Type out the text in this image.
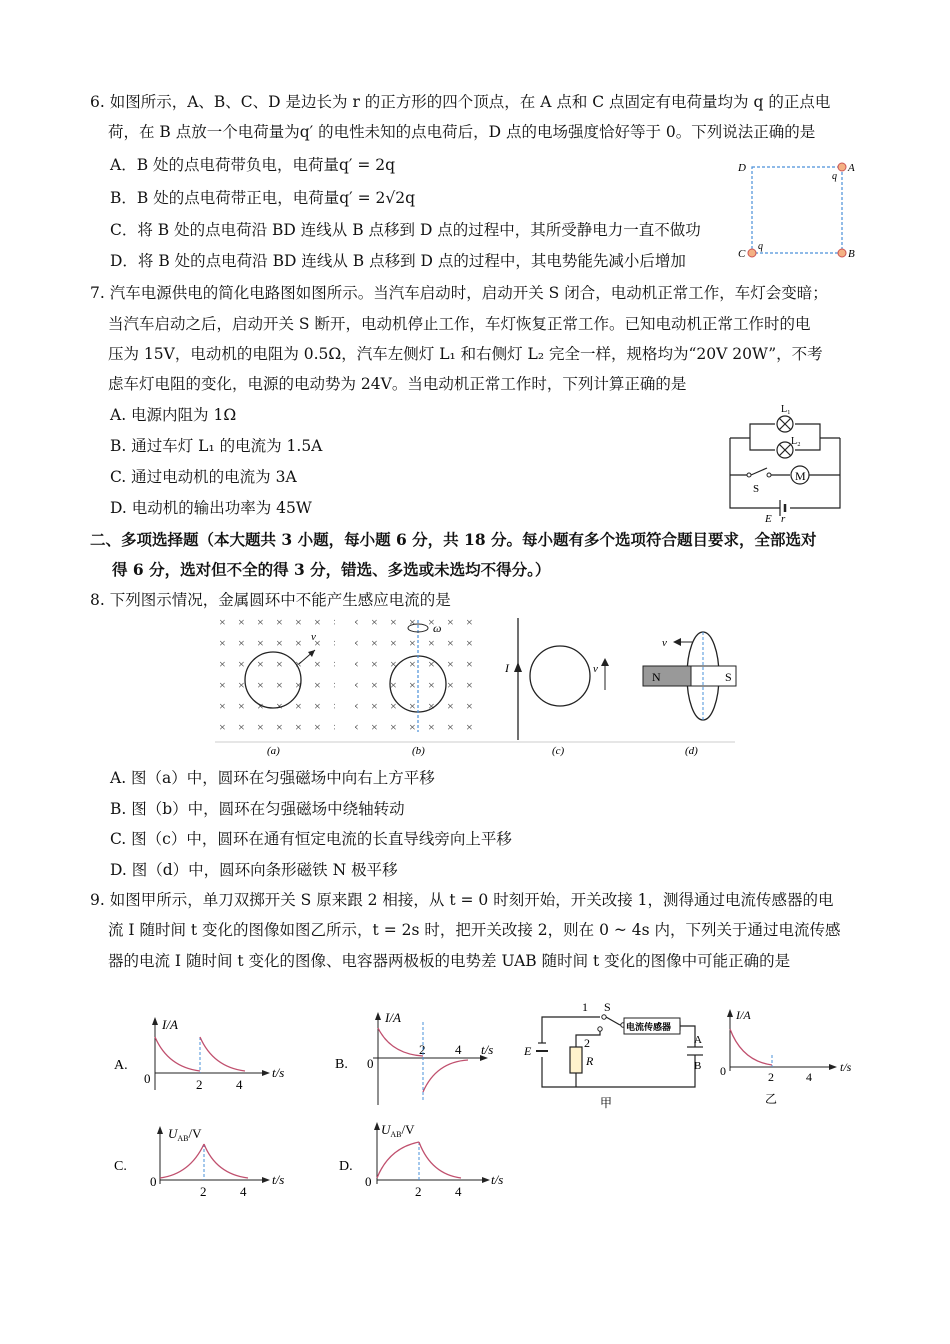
6. 如图所示，A、B、C、D 是边长为 r 的正方形的四个顶点，在 A 点和 C 点固定有电荷量均为 q 的正点电
荷，在 B 点放一个电荷量为q′ 的电性未知的点电荷后，D 点的电场强度恰好等于 0。下列说法正确的是
A．B 处的点电荷带负电，电荷量q′ = 2q
B．B 处的点电荷带正电，电荷量q′ = 2√2q
C．将 B 处的点电荷沿 BD 连线从 B 点移到 D 点的过程中，其所受静电力一直不做功
D．将 B 处的点电荷沿 BD 连线从 B 点移到 D 点的过程中，其电势能先减小后增加
D	A
q
C
q
B
7. 汽车电源供电的简化电路图如图所示。当汽车启动时，启动开关 S 闭合，电动机正常工作，车灯会变暗；
当汽车启动之后，启动开关 S 断开，电动机停止工作，车灯恢复正常工作。已知电动机正常工作时的电
压为 15V，电动机的电阻为 0.5Ω，汽车左侧灯 L₁ 和右侧灯 L₂ 完全一样，规格均为“20V 20W”，不考
虑车灯电阻的变化，电源的电动势为 24V。当电动机正常工作时，下列计算正确的是
A. 电源内阻为 1Ω
B. 通过车灯 L₁ 的电流为 1.5A
C. 通过电动机的电流为 3A
D. 电动机的输出功率为 45W
L₁
L₂
S
M
E r
二、多项选择题（本大题共 3 小题，每小题 6 分，共 18 分。每小题有多个选项符合题目要求，全部选对
得 6 分，选对但不全的得 3 分，错选、多选或未选均不得分。）
8. 下列图示情况，金属圆环中不能产生感应电流的是
v
(a)
ω
(b)
I	v
(c)
N	S
v
(d)
A. 图（a）中，圆环在匀强磁场中向右上方平移
B. 图（b）中，圆环在匀强磁场中绕轴转动
C. 图（c）中，圆环在通有恒定电流的长直导线旁向上平移
D. 图（d）中，圆环向条形磁铁 N 极平移
9. 如图甲所示，单刀双掷开关 S 原来跟 2 相接，从 t = 0 时刻开始，开关改接 1，测得通过电流传感器的电
流 I 随时间 t 变化的图像如图乙所示，t = 2s 时，把开关改接 2，则在 0 ~ 4s 内，下列关于通过电流传感
器的电流 I 随时间 t 变化的图像、电容器两极板的电势差 UAB 随时间 t 变化的图像中可能正确的是
A.
I/A
t/s
0	2	4
B.
I/A
t/s
0
2 4
电流传感器
1 S
2
E
R
A
B
甲
I/A
t/s
0	2	4
乙
C.
$U_{AB}/V$
t/s
0
2	4
D.
$U_{AB}/V$
t/s
0
2	4
